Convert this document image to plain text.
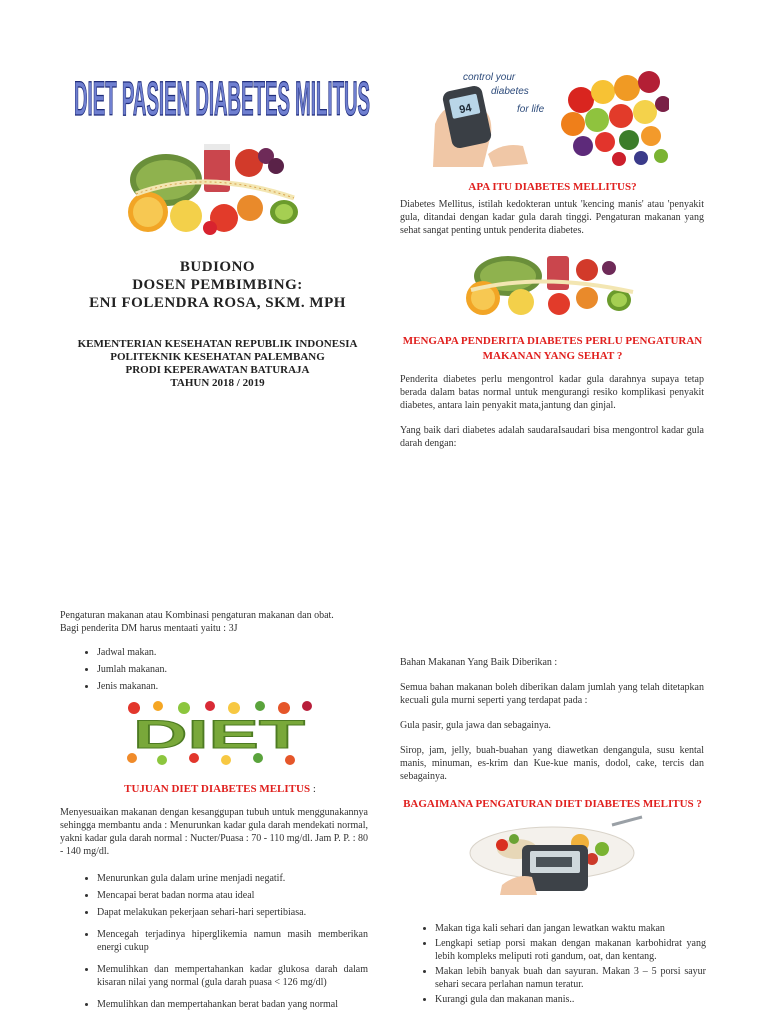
DIET PASIEN DIABETES MILITUS
BUDIONO
DOSEN PEMBIMBING:
ENI FOLENDRA ROSA, SKM. MPH
KEMENTERIAN KESEHATAN REPUBLIK INDONESIA
POLITEKNIK KESEHATAN PALEMBANG
PRODI KEPERAWATAN BATURAJA
TAHUN 2018 / 2019
Pengaturan makanan atau Kombinasi pengaturan makanan dan obat.
Bagi penderita DM harus mentaati yaitu : 3J
• Jadwal makan.
• Jumlah makanan.
• Jenis makanan.
DIET
TUJUAN DIET DIABETES MELITUS :
Menyesuaikan makanan dengan kesanggupan tubuh untuk menggunakannya sehingga membantu anda : Menurunkan kadar gula darah mendekati normal, yakni kadar gula darah normal : Nucter/Puasa : 70 - 110 mg/dl. Jam P. P. : 80 - 140 mg/dl.
• Menurunkan gula dalam urine menjadi negatif.
• Mencapai berat badan norma atau ideal
• Dapat melakukan pekerjaan sehari-hari sepertibiasa.
• Mencegah terjadinya hiperglikemia namun masih memberikan energi cukup
• Memulihkan dan mempertahankan kadar glukosa darah dalam kisaran nilai yang normal (gula darah puasa < 126 mg/dl)
• Memulihkan dan mempertahankan berat badan yang normal
94
control your
diabetes
for life
APA ITU DIABETES MELLITUS?
Diabetes Mellitus, istilah kedokteran untuk 'kencing manis' atau 'penyakit gula, ditandai dengan kadar gula darah tinggi. Pengaturan makanan yang sehat sangat penting untuk penderita diabetes.
MENGAPA PENDERITA DIABETES PERLU PENGATURAN MAKANAN YANG SEHAT ?

Penderita diabetes perlu mengontrol kadar gula darahnya supaya tetap berada dalam batas normal untuk mengurangi resiko komplikasi penyakit diabetes, antara lain penyakit mata,jantung dan ginjal.

Yang baik dari diabetes adalah saudaraIsaudari bisa mengontrol kadar gula darah dengan:

Bahan Makanan Yang Baik Diberikan :

Semua bahan makanan boleh diberikan dalam jumlah yang telah ditetapkan kecuali gula murni seperti yang terdapat pada :

Gula pasir, gula jawa dan sebagainya.

Sirop, jam, jelly, buah-buahan yang diawetkan dengangula, susu kental manis, minuman, es-krim dan Kue-kue manis, dodol, cake, tercis dan sebagainya.

BAGAIMANA PENGATURAN DIET DIABETES MELITUS ?
• Makan tiga kali sehari dan jangan lewatkan waktu makan
• Lengkapi setiap porsi makan dengan makanan karbohidrat yang lebih kompleks meliputi roti gandum, oat, dan kentang.
• Makan lebih banyak buah dan sayuran. Makan 3 – 5 porsi sayur sehari secara perlahan namun teratur.
• Kurangi gula dan makanan manis..
